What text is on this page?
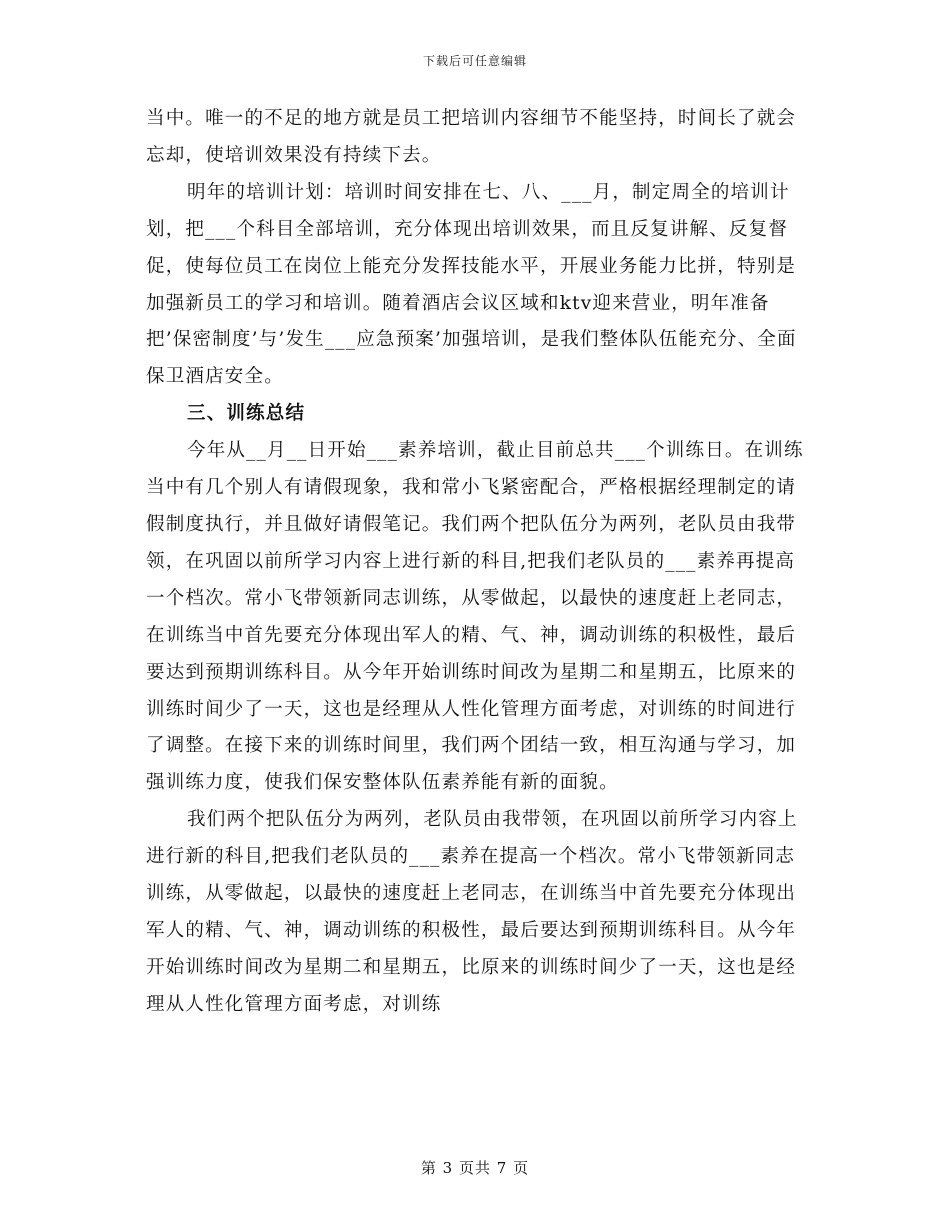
下载后可任意编辑

当中。唯一的不足的地方就是员工把培训内容细节不能坚持，时间长了就会忘却，使培训效果没有持续下去。

明年的培训计划：培训时间安排在七、八、___月，制定周全的培训计划，把___个科目全部培训，充分体现出培训效果，而且反复讲解、反复督促，使每位员工在岗位上能充分发挥技能水平，开展业务能力比拼，特别是加强新员工的学习和培训。随着酒店会议区域和ktv迎来营业，明年准备把’保密制度’与’发生___应急预案’加强培训，是我们整体队伍能充分、全面保卫酒店安全。

三、训练总结

今年从__月__日开始___素养培训，截止目前总共___个训练日。在训练当中有几个别人有请假现象，我和常小飞紧密配合，严格根据经理制定的请假制度执行，并且做好请假笔记。我们两个把队伍分为两列，老队员由我带领，在巩固以前所学习内容上进行新的科目,把我们老队员的___素养再提高一个档次。常小飞带领新同志训练，从零做起，以最快的速度赶上老同志，在训练当中首先要充分体现出军人的精、气、神，调动训练的积极性，最后要达到预期训练科目。从今年开始训练时间改为星期二和星期五，比原来的训练时间少了一天，这也是经理从人性化管理方面考虑，对训练的时间进行了调整。在接下来的训练时间里，我们两个团结一致，相互沟通与学习，加强训练力度，使我们保安整体队伍素养能有新的面貌。

我们两个把队伍分为两列，老队员由我带领，在巩固以前所学习内容上进行新的科目,把我们老队员的___素养在提高一个档次。常小飞带领新同志训练，从零做起，以最快的速度赶上老同志，在训练当中首先要充分体现出军人的精、气、神，调动训练的积极性，最后要达到预期训练科目。从今年开始训练时间改为星期二和星期五，比原来的训练时间少了一天，这也是经理从人性化管理方面考虑，对训练

第 3 页共 7 页
